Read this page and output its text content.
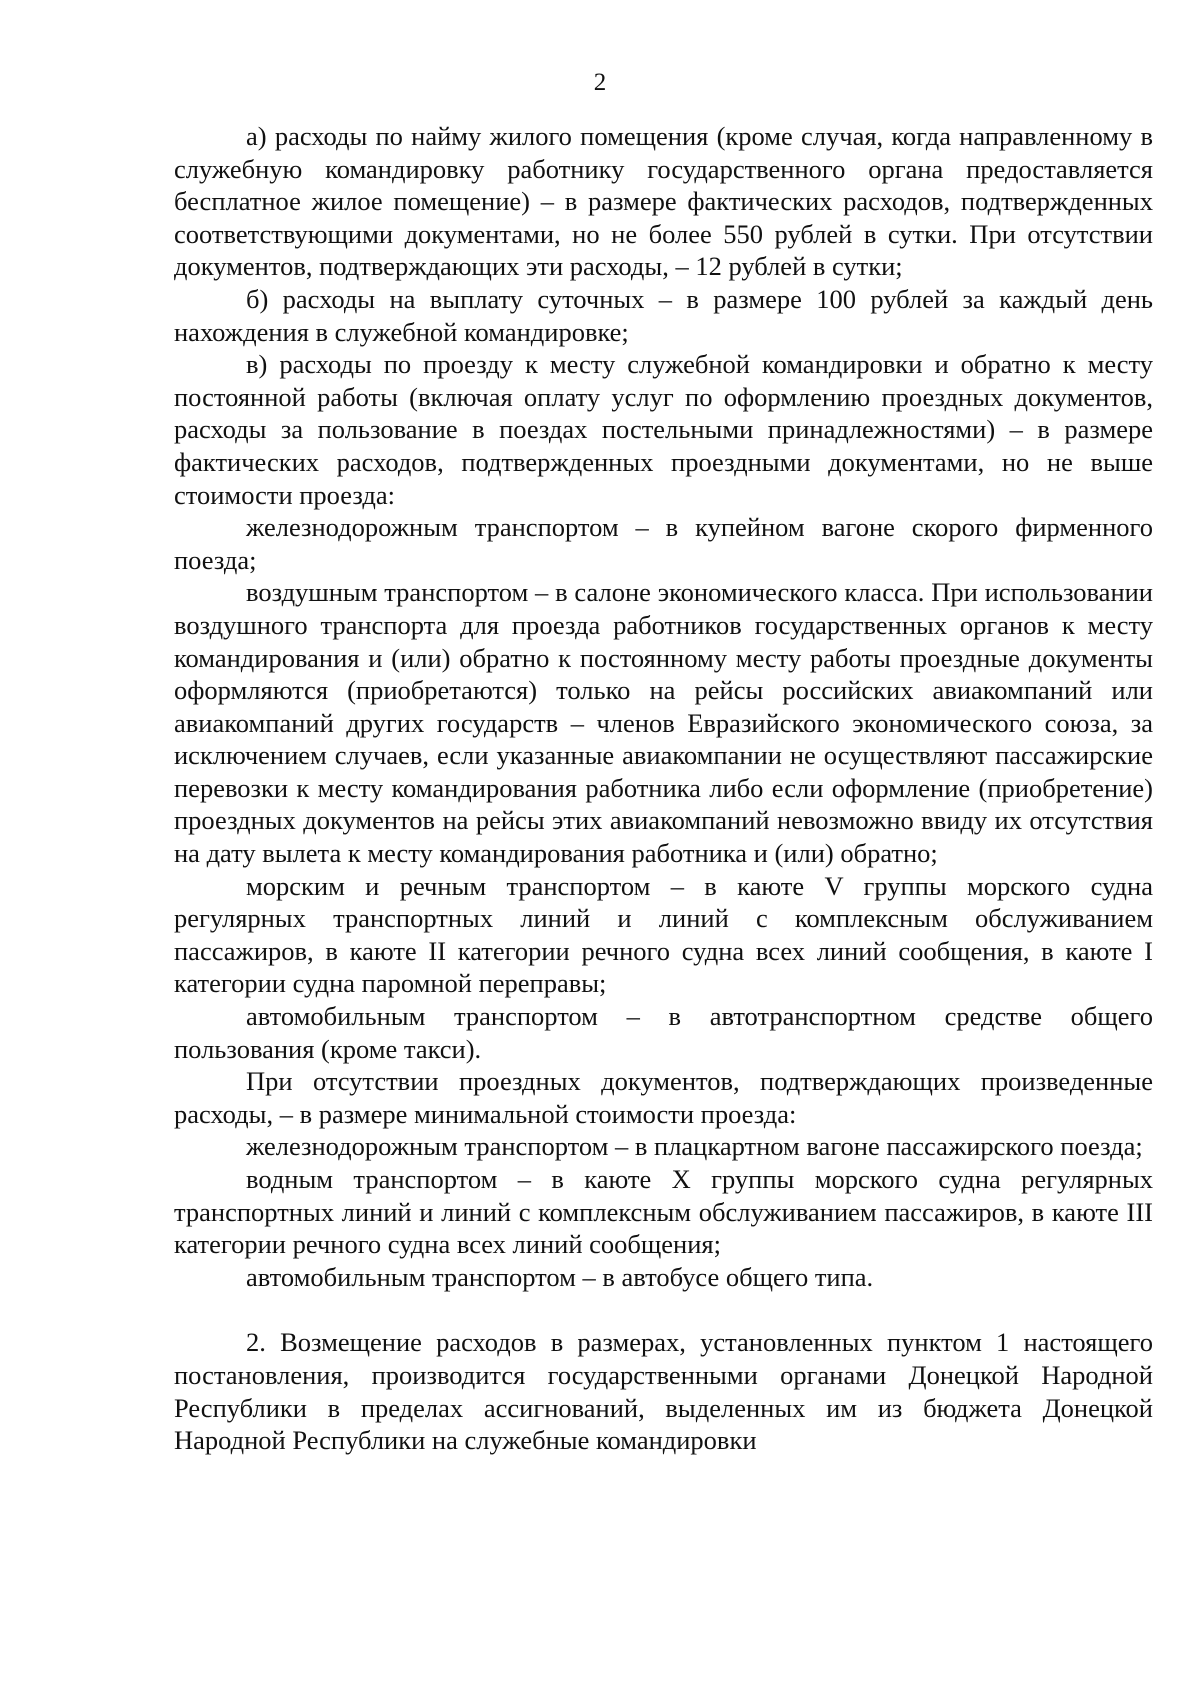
2

а) расходы по найму жилого помещения (кроме случая, когда направленному в служебную командировку работнику государственного органа предоставляется бесплатное жилое помещение) – в размере фактических расходов, подтвержденных соответствующими документами, но не более 550 рублей в сутки. При отсутствии документов, подтверждающих эти расходы, – 12 рублей в сутки;

б) расходы на выплату суточных – в размере 100 рублей за каждый день нахождения в служебной командировке;

в) расходы по проезду к месту служебной командировки и обратно к месту постоянной работы (включая оплату услуг по оформлению проездных документов, расходы за пользование в поездах постельными принадлежностями) – в размере фактических расходов, подтвержденных проездными документами, но не выше стоимости проезда:

железнодорожным транспортом – в купейном вагоне скорого фирменного поезда;

воздушным транспортом – в салоне экономического класса. При использовании воздушного транспорта для проезда работников государственных органов к месту командирования и (или) обратно к постоянному месту работы проездные документы оформляются (приобретаются) только на рейсы российских авиакомпаний или авиакомпаний других государств – членов Евразийского экономического союза, за исключением случаев, если указанные авиакомпании не осуществляют пассажирские перевозки к месту командирования работника либо если оформление (приобретение) проездных документов на рейсы этих авиакомпаний невозможно ввиду их отсутствия на дату вылета к месту командирования работника и (или) обратно;

морским и речным транспортом – в каюте V группы морского судна регулярных транспортных линий и линий с комплексным обслуживанием пассажиров, в каюте II категории речного судна всех линий сообщения, в каюте I категории судна паромной переправы;

автомобильным транспортом – в автотранспортном средстве общего пользования (кроме такси).

При отсутствии проездных документов, подтверждающих произведенные расходы, – в размере минимальной стоимости проезда:

железнодорожным транспортом – в плацкартном вагоне пассажирского поезда;

водным транспортом – в каюте X группы морского судна регулярных транспортных линий и линий с комплексным обслуживанием пассажиров, в каюте III категории речного судна всех линий сообщения;

автомобильным транспортом – в автобусе общего типа.

2. Возмещение расходов в размерах, установленных пунктом 1 настоящего постановления, производится государственными органами Донецкой Народной Республики в пределах ассигнований, выделенных им из бюджета Донецкой Народной Республики на служебные командировки
